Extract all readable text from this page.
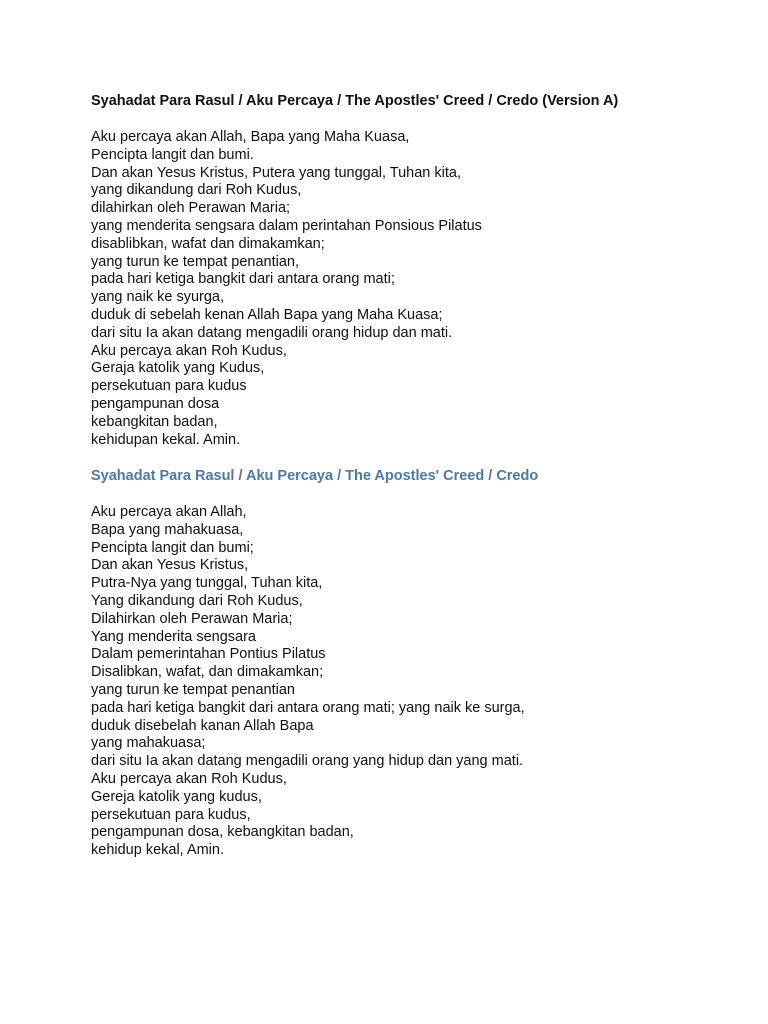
Syahadat Para Rasul / Aku Percaya / The Apostles' Creed / Credo (Version A)

Aku percaya akan Allah, Bapa yang Maha Kuasa,

Pencipta langit dan bumi.

Dan akan Yesus Kristus, Putera yang tunggal, Tuhan kita,

yang dikandung dari Roh Kudus,

dilahirkan oleh Perawan Maria;

yang menderita sengsara dalam perintahan Ponsious Pilatus

disablibkan, wafat dan dimakamkan;

yang turun ke tempat penantian,

pada hari ketiga bangkit dari antara orang mati;

yang naik ke syurga,

duduk di sebelah kenan Allah Bapa yang Maha Kuasa;

dari situ Ia akan datang mengadili orang hidup dan mati.

Aku percaya akan Roh Kudus,

Geraja katolik yang Kudus,

persekutuan para kudus

pengampunan dosa

kebangkitan badan,

kehidupan kekal. Amin.

Syahadat Para Rasul / Aku Percaya / The Apostles' Creed / Credo

Aku percaya akan Allah,

Bapa yang mahakuasa,

Pencipta langit dan bumi;

Dan akan Yesus Kristus,

Putra-Nya yang tunggal, Tuhan kita,

Yang dikandung dari Roh Kudus,

Dilahirkan oleh Perawan Maria;

Yang menderita sengsara

Dalam pemerintahan Pontius Pilatus

Disalibkan, wafat, dan dimakamkan;

yang turun ke tempat penantian

pada hari ketiga bangkit dari antara orang mati; yang naik ke surga,

duduk disebelah kanan Allah Bapa

yang mahakuasa;

dari situ Ia akan datang mengadili orang yang hidup dan yang mati.

Aku percaya akan Roh Kudus,

Gereja katolik yang kudus,

persekutuan para kudus,

pengampunan dosa, kebangkitan badan,

kehidup kekal, Amin.
